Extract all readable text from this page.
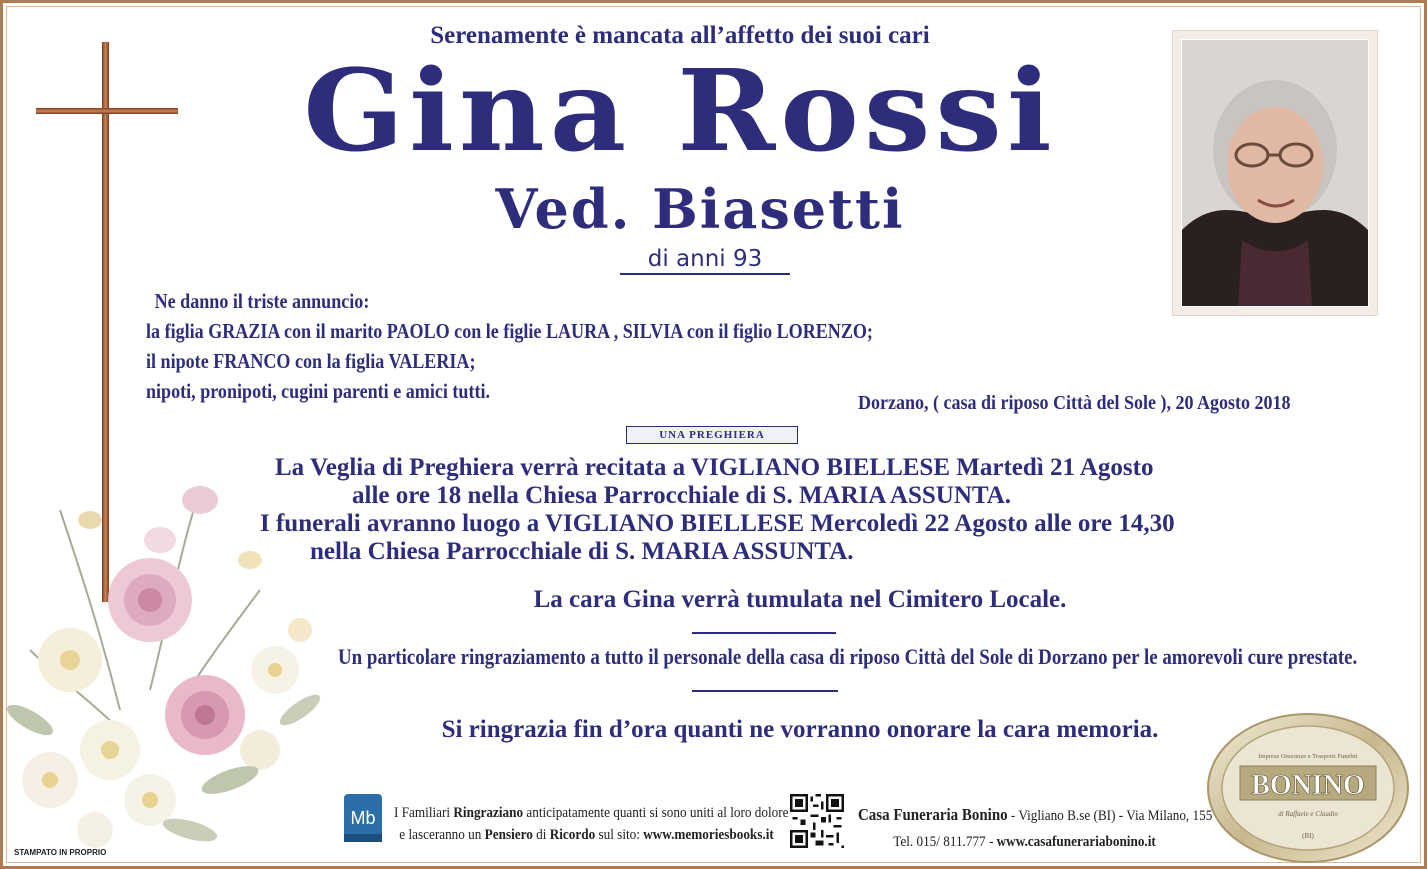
Serenamente è mancata all’affetto dei suoi cari
Gina Rossi
Ved. Biasetti
di anni 93
Ne danno il triste annuncio:
la figlia GRAZIA con il marito PAOLO con le figlie LAURA , SILVIA con il figlio LORENZO;
il nipote FRANCO con la figlia VALERIA;
nipoti, pronipoti, cugini parenti e amici tutti.	Dorzano, ( casa di riposo Città del Sole ), 20 Agosto 2018
UNA PREGHIERA
La Veglia di Preghiera verrà recitata a VIGLIANO BIELLESE Martedì 21 Agosto
alle ore 18 nella Chiesa Parrocchiale di S. MARIA ASSUNTA.
I funerali avranno luogo a VIGLIANO BIELLESE Mercoledì 22 Agosto alle ore 14,30
nella Chiesa Parrocchiale di S. MARIA ASSUNTA.
La cara Gina verrà tumulata nel Cimitero Locale.
Un particolare ringraziamento a tutto il personale della casa di riposo Città del Sole di Dorzano per le amorevoli cure prestate.
Si ringrazia fin d’ora quanti ne vorranno onorare la cara memoria.
Mb I Familiari Ringraziano anticipatamente quanti si sono uniti al loro dolore
e lasceranno un Pensiero di Ricordo sul sito: www.memoriesbooks.it
Casa Funeraria Bonino - Vigliano B.se (BI) - Via Milano, 155
Tel. 015/ 811.777 - www.casafunerariabonino.it
STAMPATO IN PROPRIO
Imprese Onoranze e Trasporti Funebri
BONINO
di Raffaele e Claudio
(BI)
